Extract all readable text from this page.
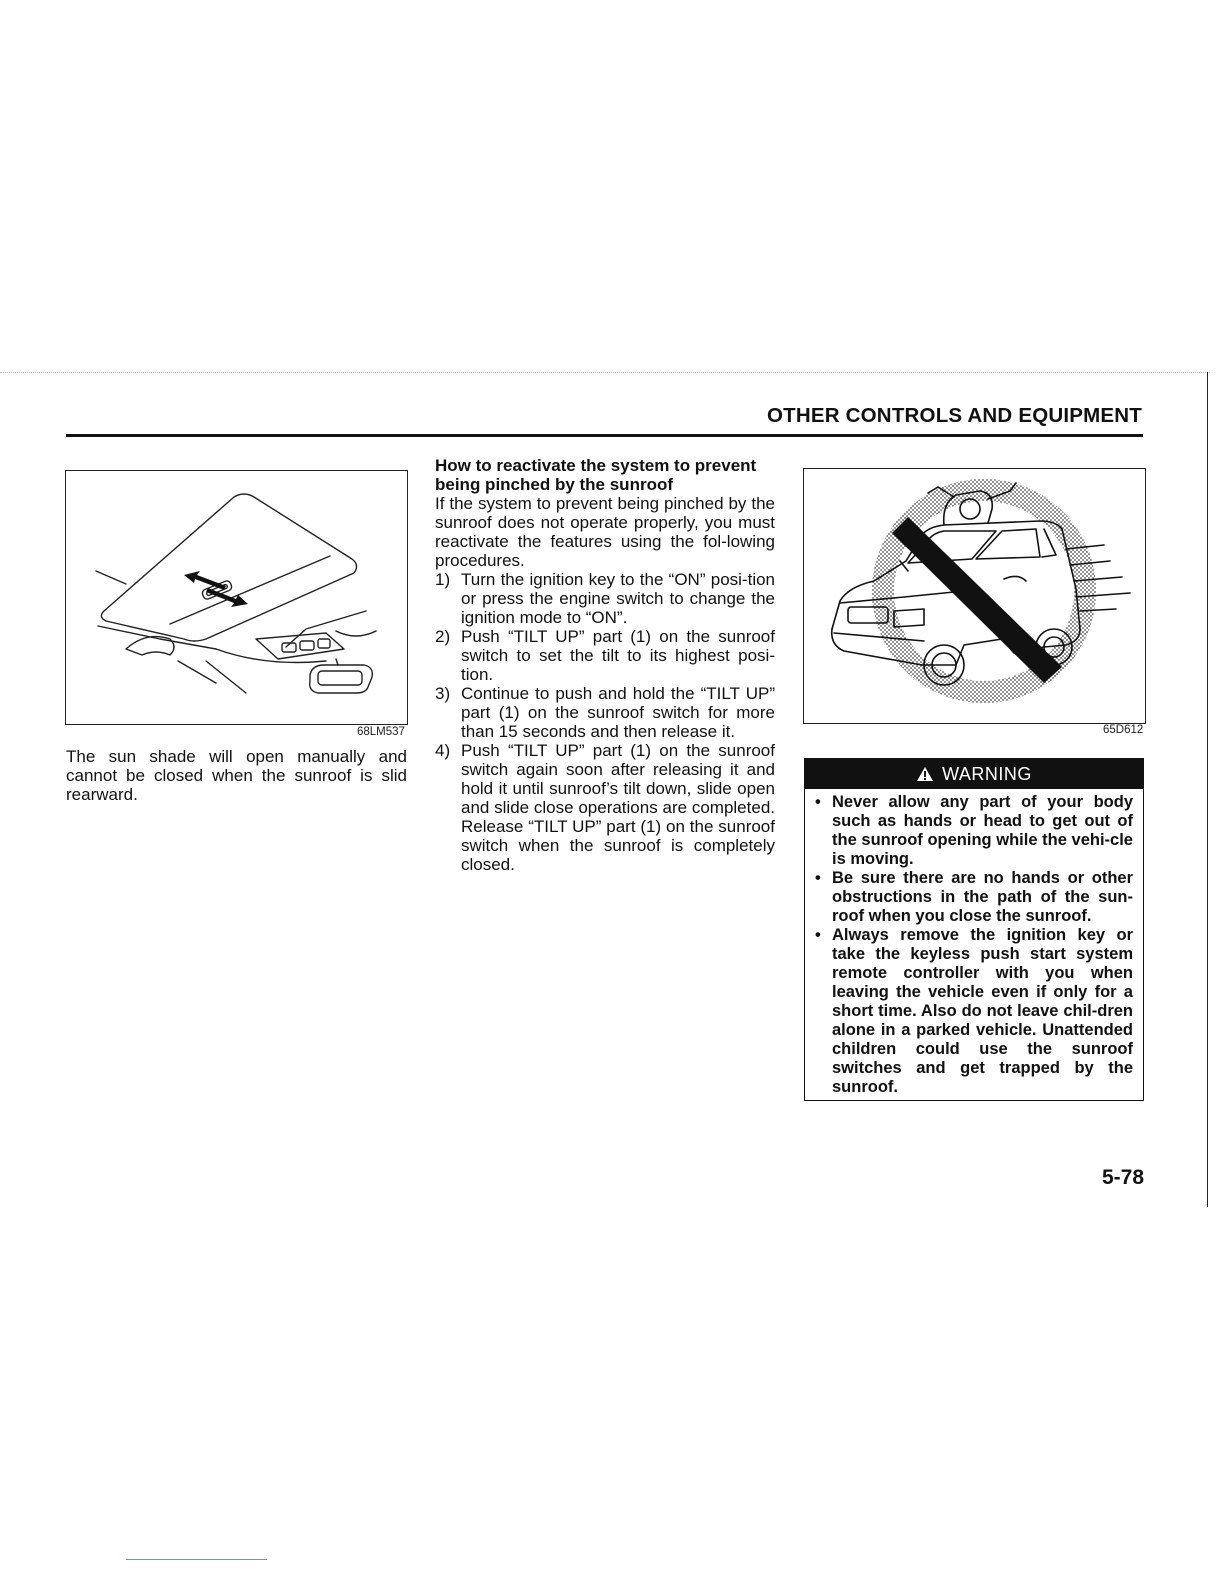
OTHER CONTROLS AND EQUIPMENT
68LM537
The sun shade will open manually and cannot be closed when the sunroof is slid rearward.
How to reactivate the system to prevent being pinched by the sunroof
If the system to prevent being pinched by the sunroof does not operate properly, you must reactivate the features using the fol-lowing procedures.
1) Turn the ignition key to the “ON” posi-tion or press the engine switch to change the ignition mode to “ON”.
2) Push “TILT UP” part (1) on the sunroof switch to set the tilt to its highest posi-tion.
3) Continue to push and hold the “TILT UP” part (1) on the sunroof switch for more than 15 seconds and then release it.
4) Push “TILT UP” part (1) on the sunroof switch again soon after releasing it and hold it until sunroof’s tilt down, slide open and slide close operations are completed. Release “TILT UP” part (1) on the sunroof switch when the sunroof is completely closed.
65D612
WARNING
• Never allow any part of your body such as hands or head to get out of the sunroof opening while the vehi-cle is moving.
• Be sure there are no hands or other obstructions in the path of the sun-roof when you close the sunroof.
• Always remove the ignition key or take the keyless push start system remote controller with you when leaving the vehicle even if only for a short time. Also do not leave chil-dren alone in a parked vehicle. Unattended children could use the sunroof switches and get trapped by the sunroof.
5-78
